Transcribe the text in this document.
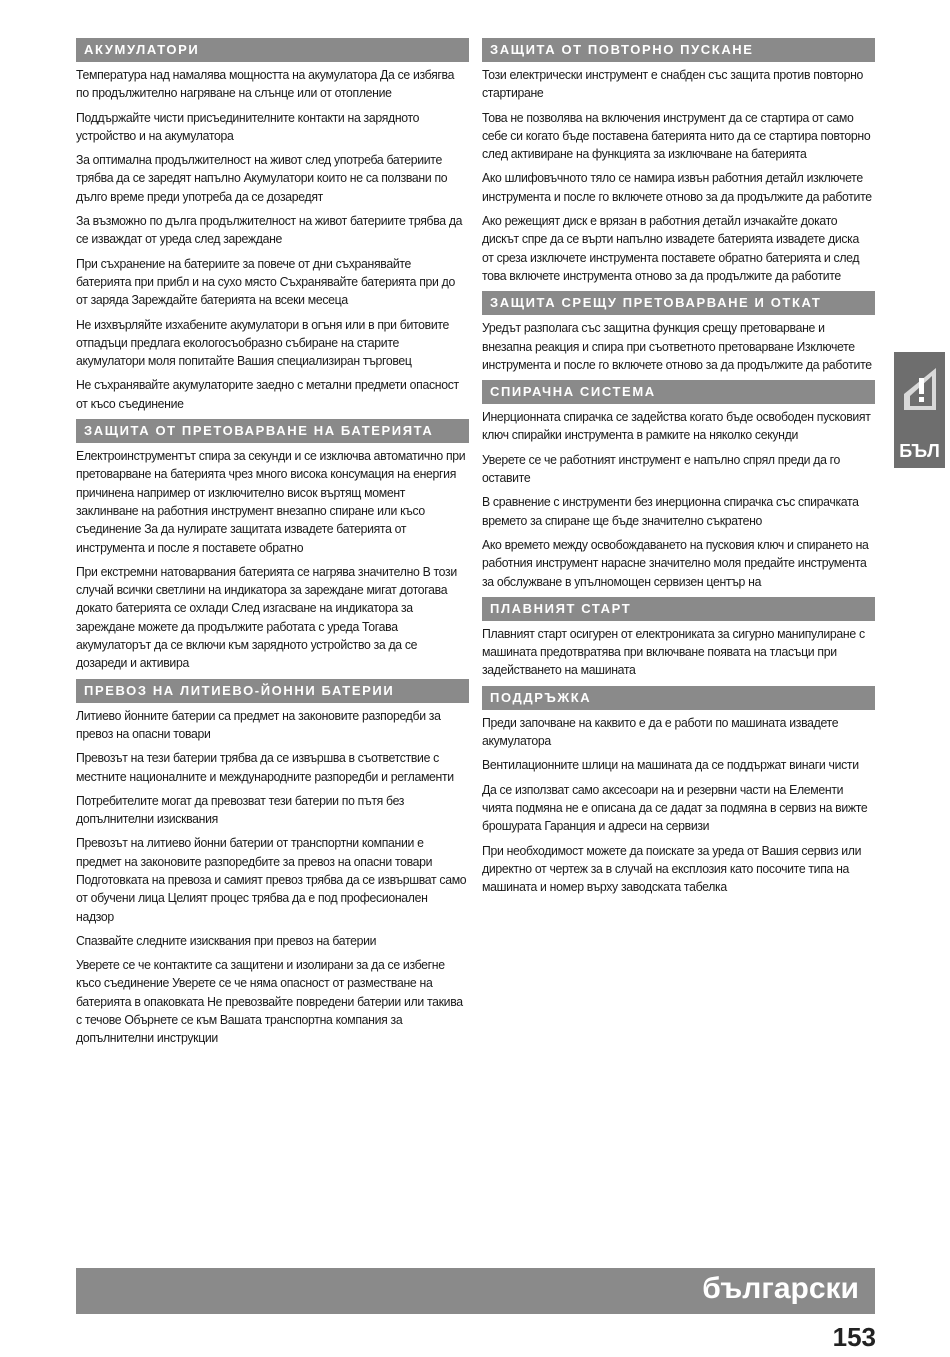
АКУМУЛАТОРИ
Температура над намалява мощността на акумулатора Да се избягва по продължително нагряване на слънце или от отопление
Поддържайте чисти присъединителните контакти на зарядното устройство и на акумулатора
За оптимална продължителност на живот след употреба батериите трябва да се заредят напълно Акумулатори които не са ползвани по дълго време преди употреба да се дозаредят
За възможно по дълга продължителност на живот батериите трябва да се изваждат от уреда след зареждане
При съхранение на батериите за повече от дни съхранявайте батерията при прибл и на сухо място Съхранявайте батерията при до от заряда Зареждайте батерията на всеки месеца
Не изхвърляйте изхабените акумулатори в огъня или в при битовите отпадъци предлага екологосъобразно събиране на старите акумулатори моля попитайте Вашия специализиран търговец
Не съхранявайте акумулаторите заедно с метални предмети опасност от късо съединение
ЗАЩИТА ОТ ПРЕТОВАРВАНЕ НА БАТЕРИЯТА
Електроинструментът спира за секунди и се изключва автоматично при претоварване на батерията чрез много висока консумация на енергия причинена например от изключително висок въртящ момент заклинване на работния инструмент внезапно спиране или късо съединение За да нулирате защитата извадете батерията от инструмента и после я поставете обратно
При екстремни натоварвания батерията се нагрява значително В този случай всички светлини на индикатора за зареждане мигат дотогава докато батерията се охлади След изгасване на индикатора за зареждане можете да продължите работата с уреда Тогава акумулаторът да се включи към зарядното устройство за да се дозареди и активира
ПРЕВОЗ НА ЛИТИЕВО-ЙОННИ БАТЕРИИ
Литиево йонните батерии са предмет на законовите разпоредби за превоз на опасни товари
Превозът на тези батерии трябва да се извършва в съответствие с местните националните и международните разпоредби и регламенти
Потребителите могат да превозват тези батерии по пътя без допълнителни изисквания
Превозът на литиево йонни батерии от транспортни компании е предмет на законовите разпоредбите за превоз на опасни товари Подготовката на превоза и самият превоз трябва да се извършват само от обучени лица Целият процес трябва да е под професионален надзор
Спазвайте следните изисквания при превоз на батерии
Уверете се че контактите са защитени и изолирани за да се избегне късо съединение Уверете се че няма опасност от разместване на батерията в опаковката Не превозвайте повредени батерии или такива с течове Обърнете се към Вашата транспортна компания за допълнителни инструкции
ЗАЩИТА ОТ ПОВТОРНО ПУСКАНЕ
Този електрически инструмент е снабден със защита против повторно стартиране
Това не позволява на включения инструмент да се стартира от само себе си когато бъде поставена батерията нито да се стартира повторно след активиране на функцията за изключване на батерията
Ако шлифовъчното тяло се намира извън работния детайл изключете инструмента и после го включете отново за да продължите да работите
Ако режещият диск е врязан в работния детайл изчакайте докато дискът спре да се върти напълно извадете батерията извадете диска от среза изключете инструмента поставете обратно батерията и след това включете инструмента отново за да продължите да работите
ЗАЩИТА СРЕЩУ ПРЕТОВАРВАНЕ И ОТКАТ
Уредът разполага със защитна функция срещу претоварване и внезапна реакция и спира при съответното претоварване Изключете инструмента и после го включете отново за да продължите да работите
СПИРАЧНА СИСТЕМА
Инерционната спирачка се задейства когато бъде освободен пусковият ключ спирайки инструмента в рамките на няколко секунди
Уверете се че работният инструмент е напълно спрял преди да го оставите
В сравнение с инструменти без инерционна спирачка със спирачката времето за спиране ще бъде значително съкратено
Ако времето между освобождаването на пусковия ключ и спирането на работния инструмент нарасне значително моля предайте инструмента за обслужване в упълномощен сервизен център на
ПЛАВНИЯТ СТАРТ
Плавният старт осигурен от електрониката за сигурно манипулиране с машината предотвратява при включване появата на тласъци при задействането на машината
ПОДДРЪЖКА
Преди започване на каквито е да е работи по машината извадете акумулатора
Вентилационните шлици на машината да се поддържат винаги чисти
Да се използват само аксесоари на и резервни части на Елементи чията подмяна не е описана да се дадат за подмяна в сервиз на вижте брошурата Гаранция и адреси на сервизи
При необходимост можете да поискате за уреда от Вашия сервиз или директно от чертеж за в случай на експлозия като посочите типа на машината и номер върху заводската табелка
БЪЛ
български
153
